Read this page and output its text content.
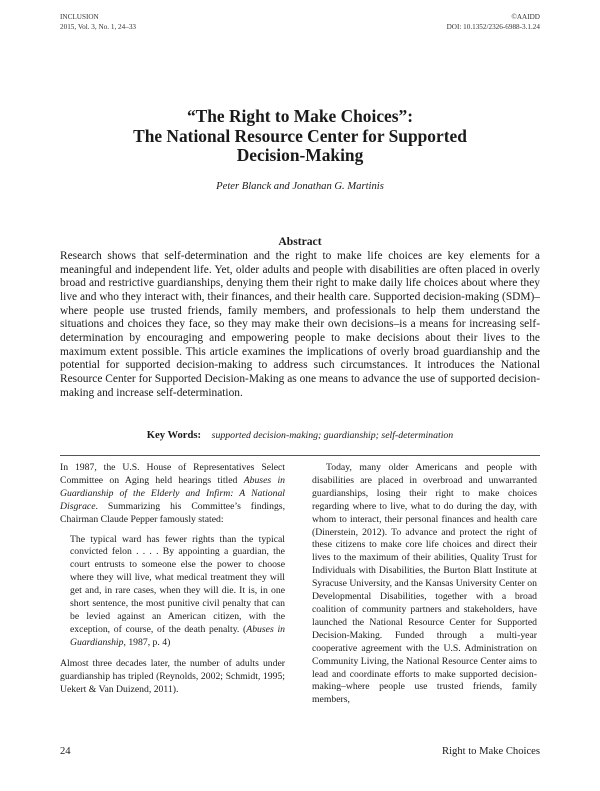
INCLUSION
2015, Vol. 3, No. 1, 24–33
©AAIDD
DOI: 10.1352/2326-6988-3.1.24
“The Right to Make Choices”:
The National Resource Center for Supported
Decision-Making
Peter Blanck and Jonathan G. Martinis
Abstract

Research shows that self-determination and the right to make life choices are key elements for a meaningful and independent life. Yet, older adults and people with disabilities are often placed in overly broad and restrictive guardianships, denying them their right to make daily life choices about where they live and who they interact with, their finances, and their health care. Supported decision-making (SDM)–where people use trusted friends, family members, and professionals to help them understand the situations and choices they face, so they may make their own decisions–is a means for increasing self-determination by encouraging and empowering people to make decisions about their lives to the maximum extent possible. This article examines the implications of overly broad guardianship and the potential for supported decision-making to address such circumstances. It introduces the National Resource Center for Supported Decision-Making as one means to advance the use of supported decision-making and increase self-determination.

Key Words: supported decision-making; guardianship; self-determination

In 1987, the U.S. House of Representatives Select Committee on Aging held hearings titled Abuses in Guardianship of the Elderly and Infirm: A National Disgrace. Summarizing his Committee’s findings, Chairman Claude Pepper famously stated:

The typical ward has fewer rights than the typical convicted felon . . . . By appointing a guardian, the court entrusts to someone else the power to choose where they will live, what medical treatment they will get and, in rare cases, when they will die. It is, in one short sentence, the most punitive civil penalty that can be levied against an American citizen, with the exception, of course, of the death penalty. (Abuses in Guardianship, 1987, p. 4)

Almost three decades later, the number of adults under guardianship has tripled (Reynolds, 2002; Schmidt, 1995; Uekert & Van Duizend, 2011).

Today, many older Americans and people with disabilities are placed in overbroad and unwarranted guardianships, losing their right to make choices regarding where to live, what to do during the day, with whom to interact, their personal finances and health care (Dinerstein, 2012). To advance and protect the right of these citizens to make core life choices and direct their lives to the maximum of their abilities, Quality Trust for Individuals with Disabilities, the Burton Blatt Institute at Syracuse University, and the Kansas University Center on Developmental Disabilities, together with a broad coalition of community partners and stakeholders, have launched the National Resource Center for Supported Decision-Making. Funded through a multi-year cooperative agreement with the U.S. Administration on Community Living, the National Resource Center aims to lead and coordinate efforts to make supported decision-making–where people use trusted friends, family members,

24	Right to Make Choices
